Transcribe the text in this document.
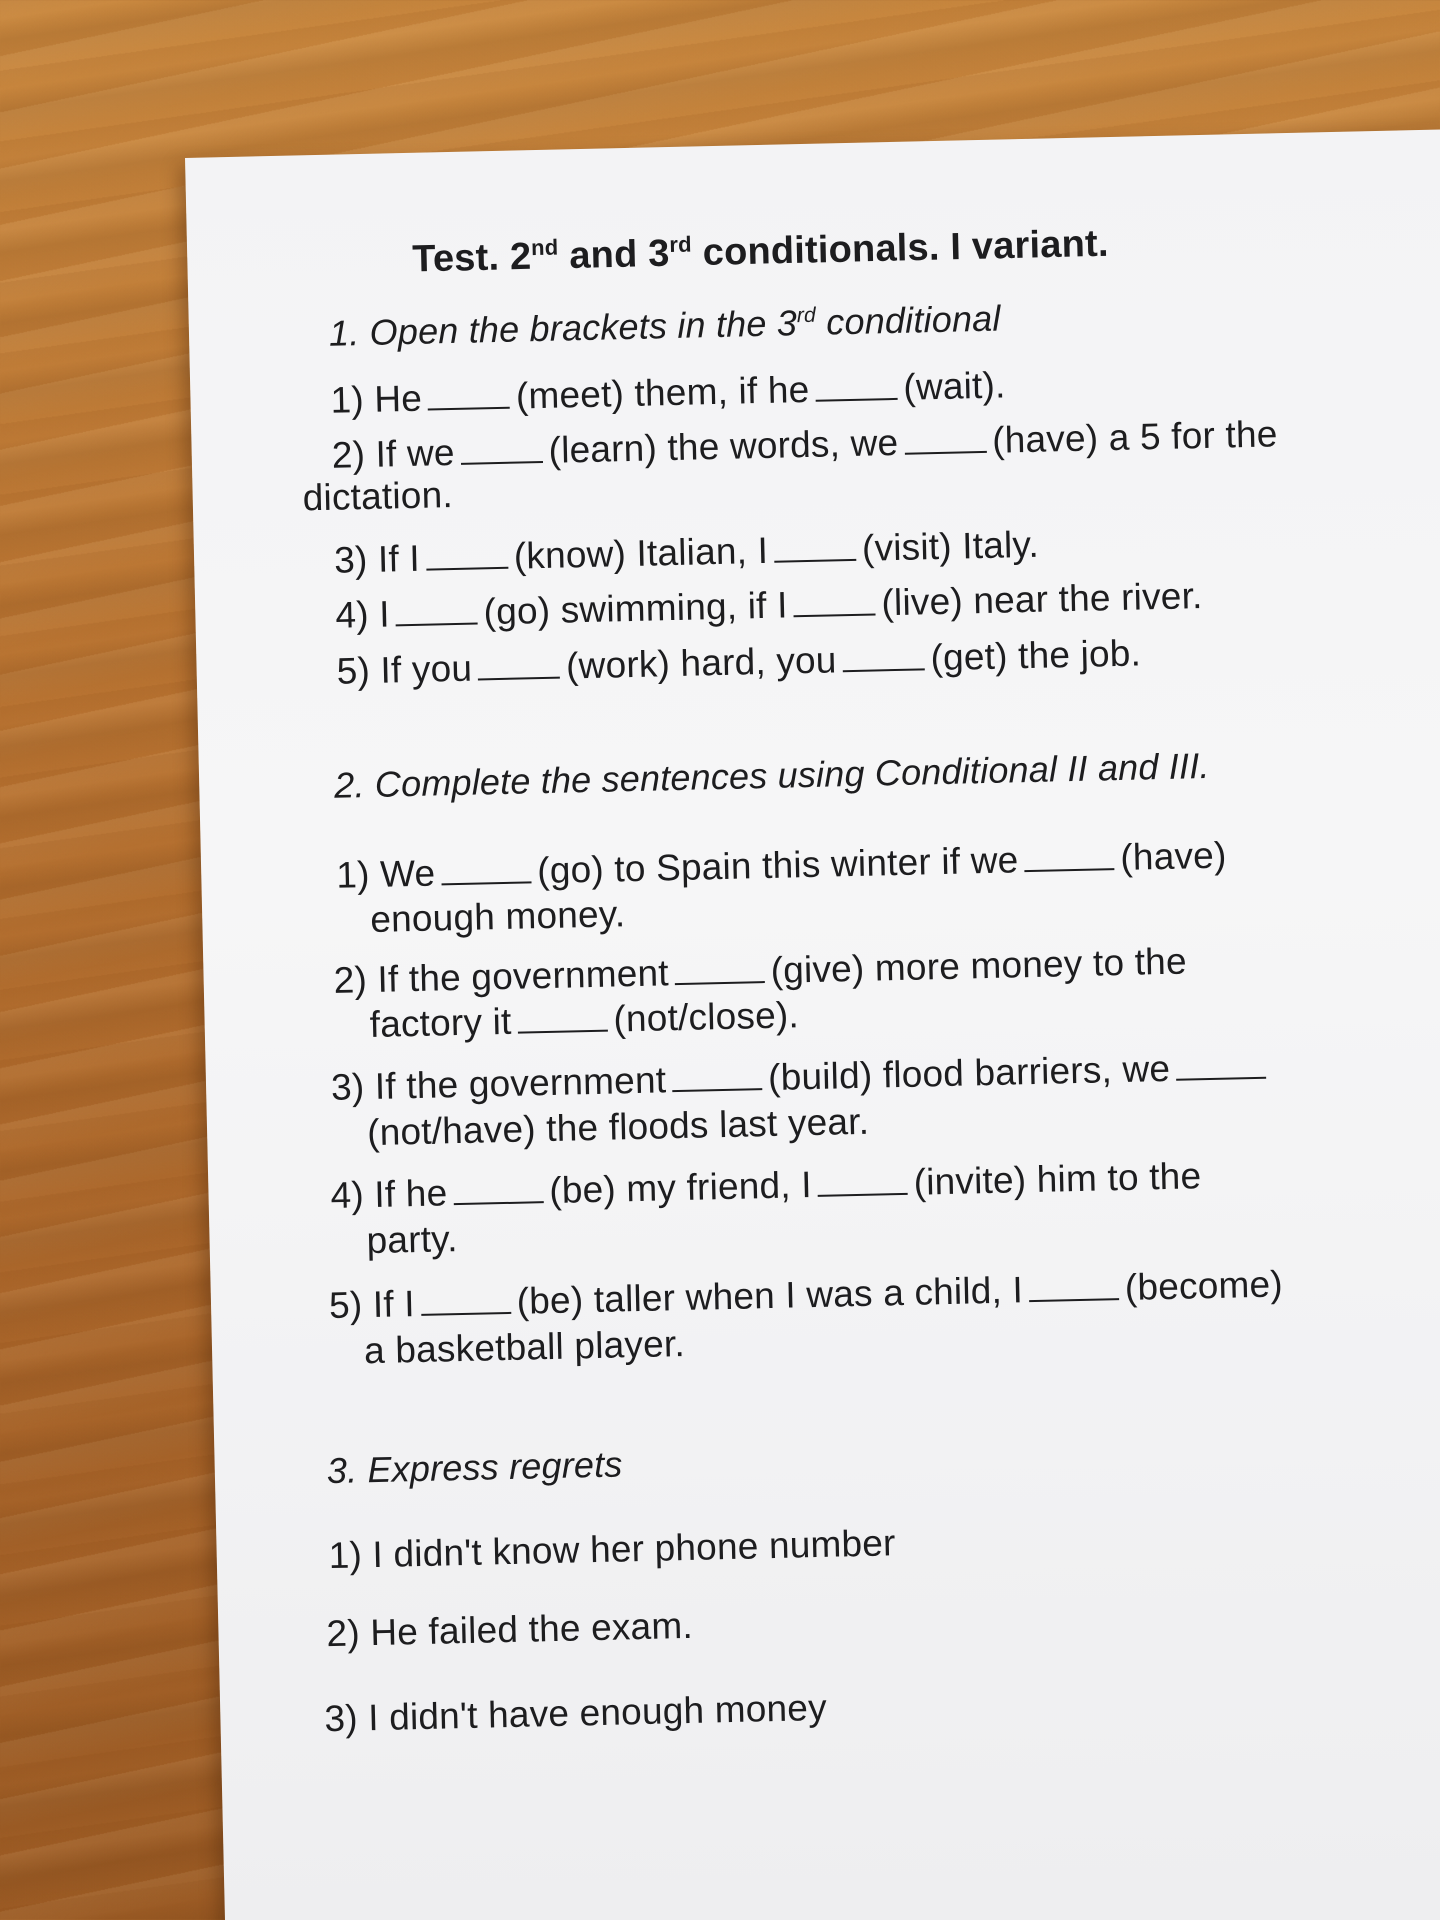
Test. 2nd and 3rd conditionals. I variant.
1. Open the brackets in the 3rd conditional
1) He	(meet) them, if he	(wait).
2) If we	(learn) the words, we	(have) a 5 for the
dictation.
3) If I	(know) Italian, I	(visit) Italy.
4) I	(go) swimming, if I	(live) near the river.
5) If you	(work) hard, you	(get) the job.
2. Complete the sentences using Conditional II and III.
1) We	(go) to Spain this winter if we	(have)
enough money.
2) If the government	(give) more money to the
factory it	(not/close).
3) If the government	(build) flood barriers, we
(not/have) the floods last year.
4) If he	(be) my friend, I	(invite) him to the
party.
5) If I	(be) taller when I was a child, I	(become)
a basketball player.
3. Express regrets
1) I didn't know her phone number
2) He failed the exam.
3) I didn't have enough money
